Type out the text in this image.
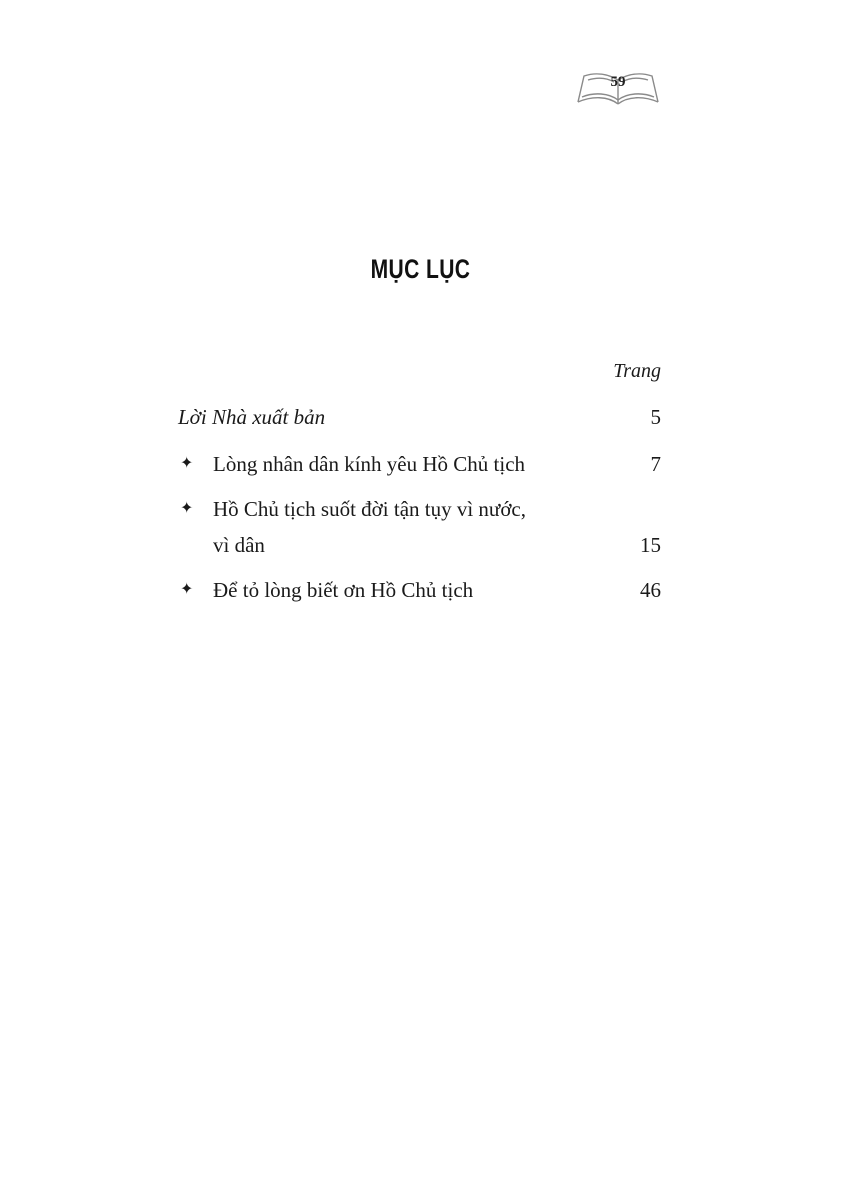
59
MỤC LỤC
Trang
Lời Nhà xuất bản	5
✦ Lòng nhân dân kính yêu Hồ Chủ tịch	7
✦ Hồ Chủ tịch suốt đời tận tụy vì nước,
vì dân	15
✦ Để tỏ lòng biết ơn Hồ Chủ tịch	46
